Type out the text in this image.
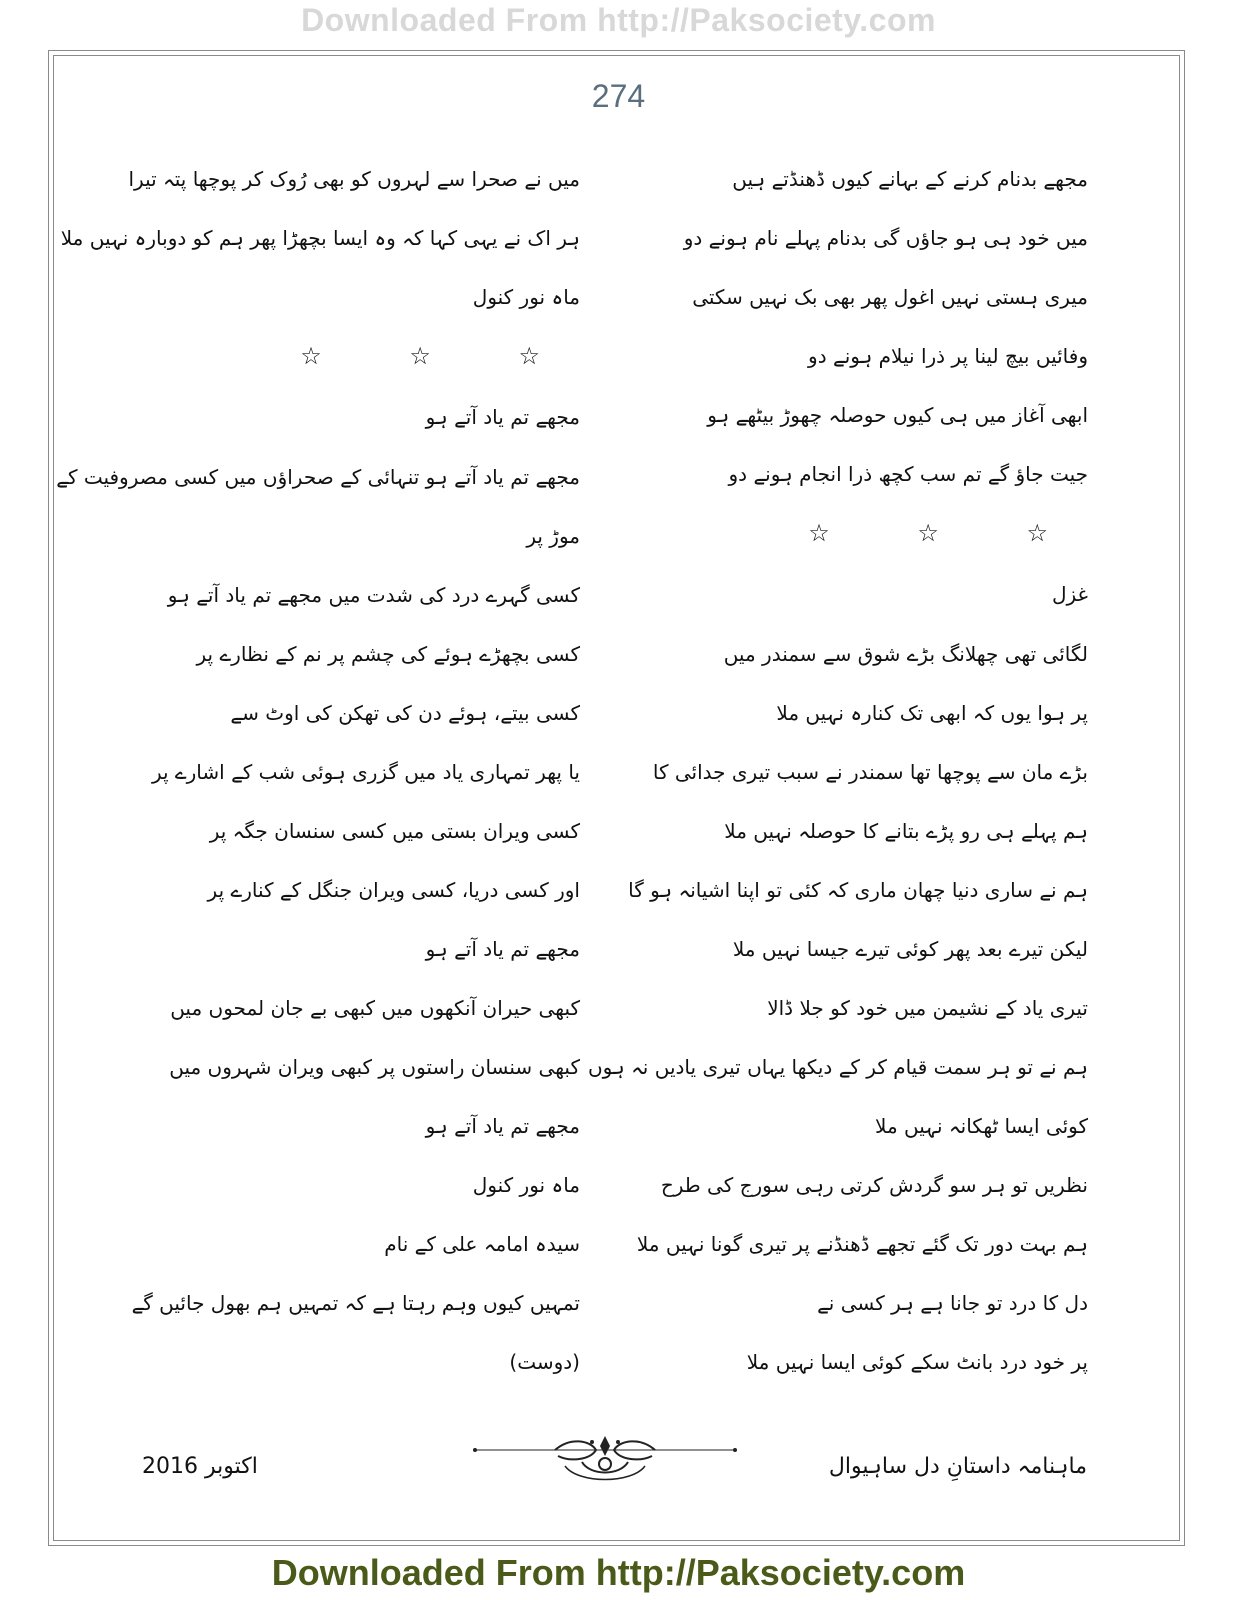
Downloaded From http://Paksociety.com
274
مجھے بدنام کرنے کے بہانے کیوں ڈھنڈتے ہیں
میں خود ہی ہو جاؤں گی بدنام پہلے نام ہونے دو
میری ہستی نہیں اغول پھر بھی بک نہیں سکتی
وفائیں بیچ لینا پر ذرا نیلام ہونے دو
ابھی آغاز میں ہی کیوں حوصلہ چھوڑ بیٹھے ہو
جیت جاؤ گے تم سب کچھ ذرا انجام ہونے دو
☆ ☆ ☆
غزل
لگائی تھی چھلانگ بڑے شوق سے سمندر میں
پر ہوا یوں کہ ابھی تک کنارہ نہیں ملا
بڑے مان سے پوچھا تھا سمندر نے سبب تیری جدائی کا
ہم پہلے ہی رو پڑے بتانے کا حوصلہ نہیں ملا
ہم نے ساری دنیا چھان ماری کہ کئی تو اپنا اشیانہ ہو گا
لیکن تیرے بعد پھر کوئی تیرے جیسا نہیں ملا
تیری یاد کے نشیمن میں خود کو جلا ڈالا
ہم نے تو ہر سمت قیام کر کے دیکھا یہاں تیری یادیں نہ ہوں
کوئی ایسا ٹھکانہ نہیں ملا
نظریں تو ہر سو گردش کرتی رہی سورج کی طرح
ہم بہت دور تک گئے تجھے ڈھنڈنے پر تیری گونا نہیں ملا
دل کا درد تو جانا ہے ہر کسی نے
پر خود درد بانٹ سکے کوئی ایسا نہیں ملا
میں نے صحرا سے لہروں کو بھی رُوک کر پوچھا پتہ تیرا
ہر اک نے یہی کہا کہ وہ ایسا بچھڑا پھر ہم کو دوبارہ نہیں ملا
ماہ نور کنول
☆ ☆ ☆
مجھے تم یاد آتے ہو
مجھے تم یاد آتے ہو تنہائی کے صحراؤں میں کسی مصروفیت کے
موڑ پر
کسی گہرے درد کی شدت میں مجھے تم یاد آتے ہو
کسی بچھڑے ہوئے کی چشم پر نم کے نظارے پر
کسی بیتے، ہوئے دن کی تھکن کی اوٹ سے
یا پھر تمہاری یاد میں گزری ہوئی شب کے اشارے پر
کسی ویران بستی میں کسی سنسان جگہ پر
اور کسی دریا، کسی ویران جنگل کے کنارے پر
مجھے تم یاد آتے ہو
کبھی حیران آنکھوں میں کبھی بے جان لمحوں میں
کبھی سنسان راستوں پر کبھی ویران شہروں میں
مجھے تم یاد آتے ہو
ماہ نور کنول
سیدہ امامہ علی کے نام
تمہیں کیوں وہم رہتا ہے کہ تمہیں ہم بھول جائیں گے
(دوست)
اکتوبر 2016	ماہنامہ داستانِ دل ساہیوال
Downloaded From http://Paksociety.com
